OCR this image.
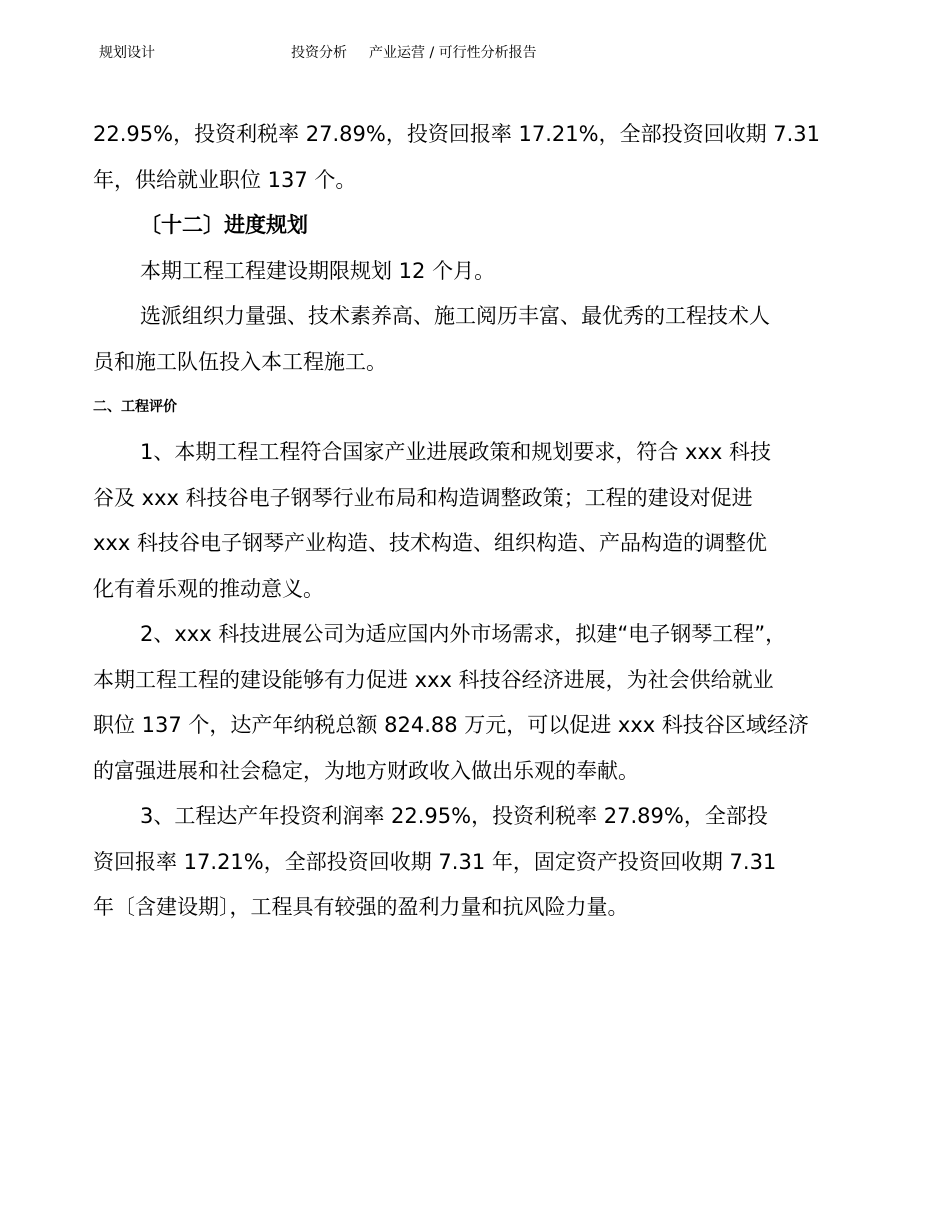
规划设计	投资分析 产业运营 / 可行性分析报告

22.95%，投资利税率 27.89%，投资回报率 17.21%，全部投资回收期 7.31

年，供给就业职位 137 个。

〔十二〕进度规划

本期工程工程建设期限规划 12 个月。

选派组织力量强、技术素养高、施工阅历丰富、最优秀的工程技术人

员和施工队伍投入本工程施工。

二、工程评价

1、本期工程工程符合国家产业进展政策和规划要求，符合 xxx 科技

谷及 xxx 科技谷电子钢琴行业布局和构造调整政策；工程的建设对促进

xxx 科技谷电子钢琴产业构造、技术构造、组织构造、产品构造的调整优

化有着乐观的推动意义。

2、xxx 科技进展公司为适应国内外市场需求，拟建“电子钢琴工程”，

本期工程工程的建设能够有力促进 xxx 科技谷经济进展，为社会供给就业

职位 137 个，达产年纳税总额 824.88 万元，可以促进 xxx 科技谷区域经济

的富强进展和社会稳定，为地方财政收入做出乐观的奉献。

3、工程达产年投资利润率 22.95%，投资利税率 27.89%，全部投

资回报率 17.21%，全部投资回收期 7.31 年，固定资产投资回收期 7.31

年〔含建设期〕，工程具有较强的盈利力量和抗风险力量。
